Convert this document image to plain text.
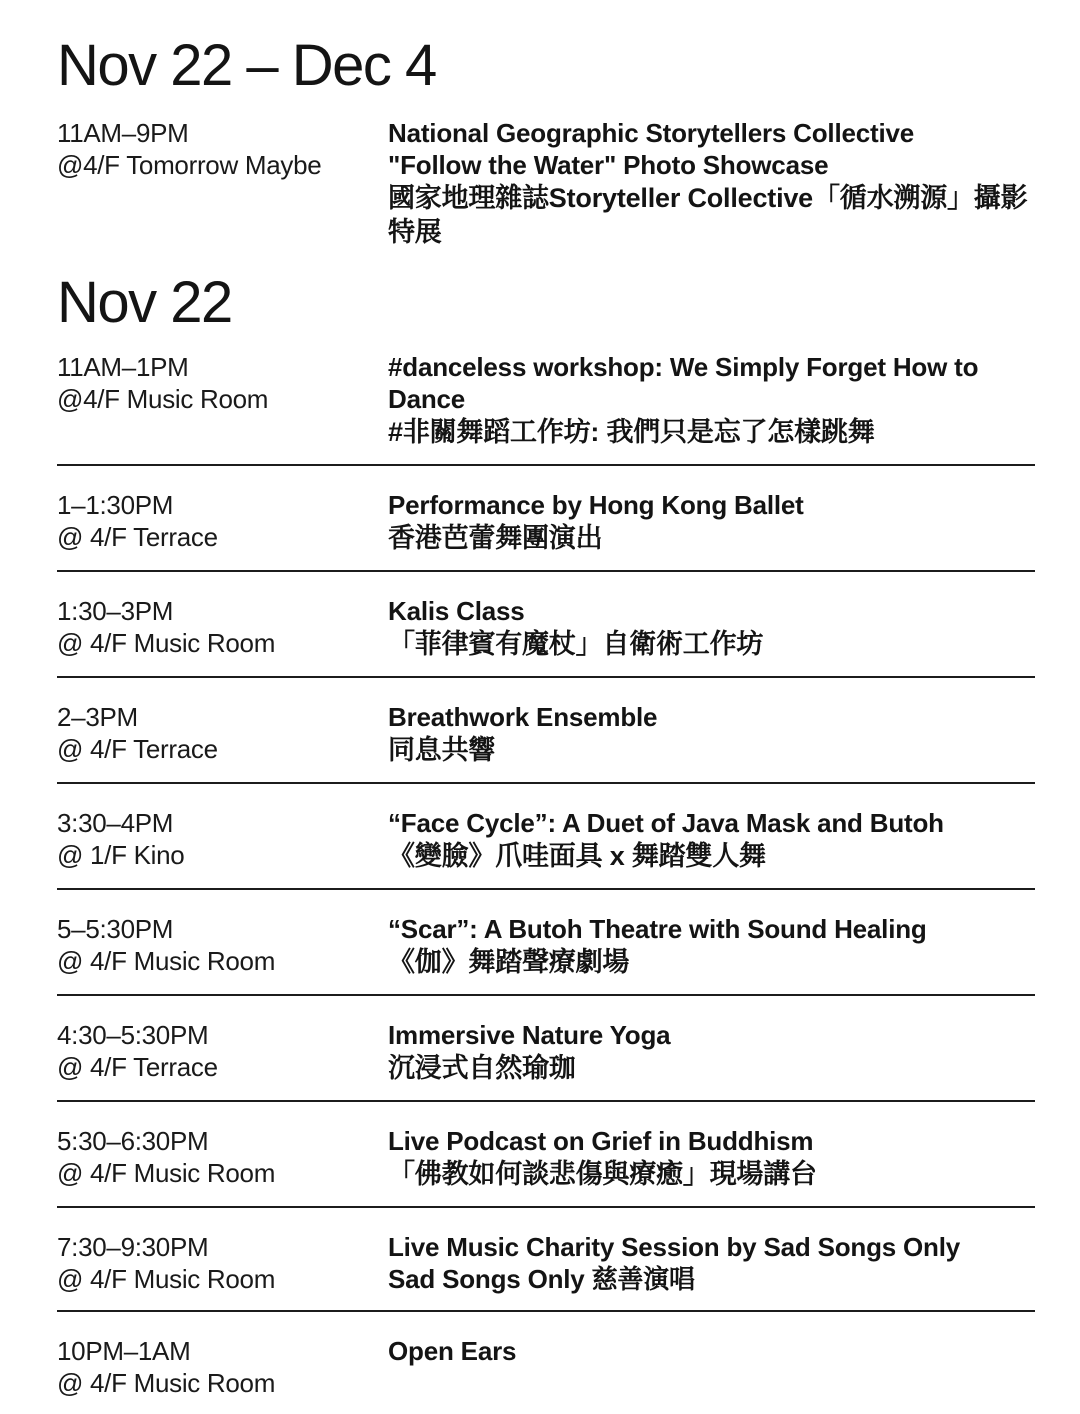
Nov 22 – Dec 4
11AM–9PM
@4/F Tomorrow Maybe
National Geographic Storytellers Collective
"Follow the Water" Photo Showcase
國家地理雜誌Storyteller Collective「循水溯源」攝影特展
Nov 22
11AM–1PM
@4/F Music Room
#danceless workshop: We Simply Forget How to Dance
#非關舞蹈工作坊: 我們只是忘了怎樣跳舞
1–1:30PM
@ 4/F Terrace
Performance by Hong Kong Ballet
香港芭蕾舞團演出
1:30–3PM
@ 4/F Music Room
Kalis Class
「菲律賓有魔杖」自衛術工作坊
2–3PM
@ 4/F Terrace
Breathwork Ensemble
同息共響
3:30–4PM
@ 1/F Kino
“Face Cycle”: A Duet of Java Mask and Butoh
《變臉》爪哇面具 x 舞踏雙人舞
5–5:30PM
@ 4/F Music Room
“Scar”: A Butoh Theatre with Sound Healing
《伽》舞踏聲療劇場
4:30–5:30PM
@ 4/F Terrace
Immersive Nature Yoga
沉浸式自然瑜珈
5:30–6:30PM
@ 4/F Music Room
Live Podcast on Grief in Buddhism
「佛教如何談悲傷與療癒」現場講台
7:30–9:30PM
@ 4/F Music Room
Live Music Charity Session by Sad Songs Only
Sad Songs Only 慈善演唱
10PM–1AM
@ 4/F Music Room
Open Ears
